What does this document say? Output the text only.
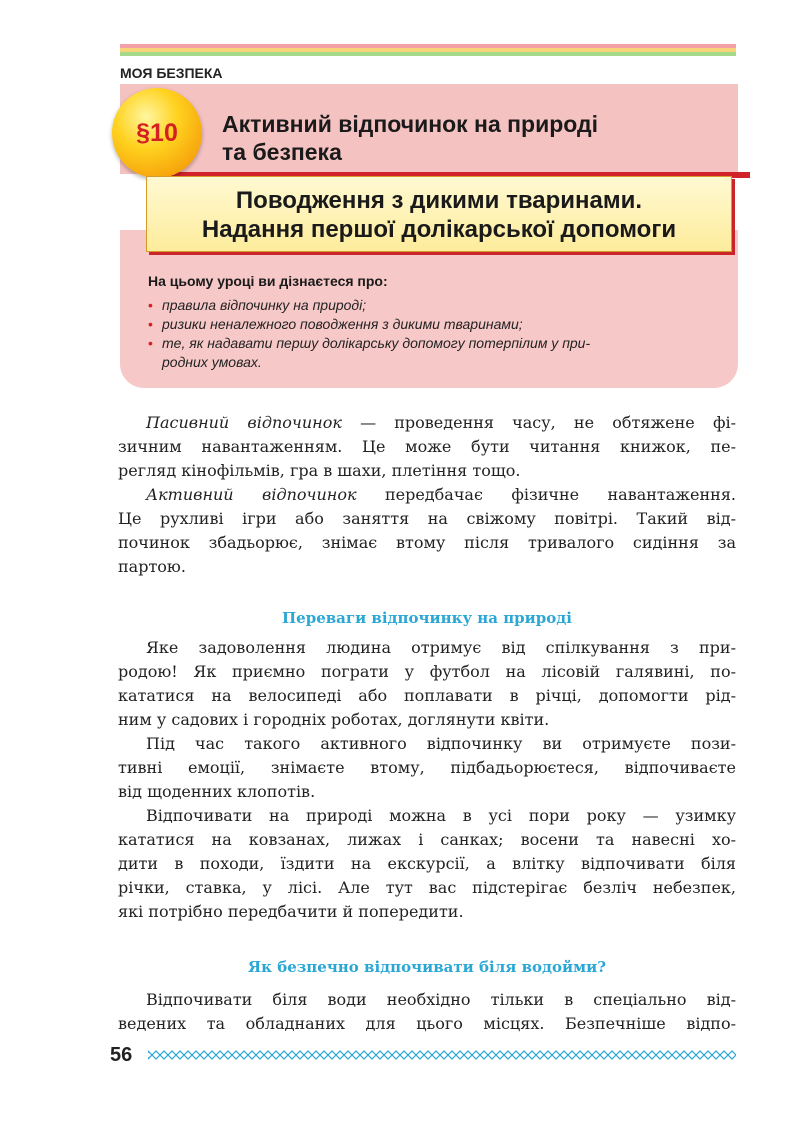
МОЯ БЕЗПЕКА
§10 Активний відпочинок на природі
та безпека
Поводження з дикими тваринами.
Надання першої долікарської допомоги
На цьому уроці ви дізнаєтеся про:
• правила відпочинку на природі;
• ризики неналежного поводження з дикими тваринами;
• те, як надавати першу долікарську допомогу потерпілим у при-
родних умовах.
Пасивний відпочинок — проведення часу, не обтяжене фі-
зичним навантаженням. Це може бути читання книжок, пе-
регляд кінофільмів, гра в шахи, плетіння тощо.
Активний відпочинок передбачає фізичне навантаження.
Це рухливі ігри або заняття на свіжому повітрі. Такий від-
починок збадьорює, знімає втому після тривалого сидіння за
партою.
Переваги відпочинку на природі
Яке задоволення людина отримує від спілкування з при-
родою! Як приємно пограти у футбол на лісовій галявині, по-
кататися на велосипеді або поплавати в річці, допомогти рід-
ним у садових і городніх роботах, доглянути квіти.
Під час такого активного відпочинку ви отримуєте пози-
тивні емоції, знімаєте втому, підбадьорюєтеся, відпочиваєте
від щоденних клопотів.
Відпочивати на природі можна в усі пори року — узимку
кататися на ковзанах, лижах і санках; восени та навесні хо-
дити в походи, їздити на екскурсії, а влітку відпочивати біля
річки, ставка, у лісі. Але тут вас підстерігає безліч небезпек,
які потрібно передбачити й попередити.
Як безпечно відпочивати біля водойми?
Відпочивати біля води необхідно тільки в спеціально від-
ведених та обладнаних для цього місцях. Безпечніше відпо-
56
